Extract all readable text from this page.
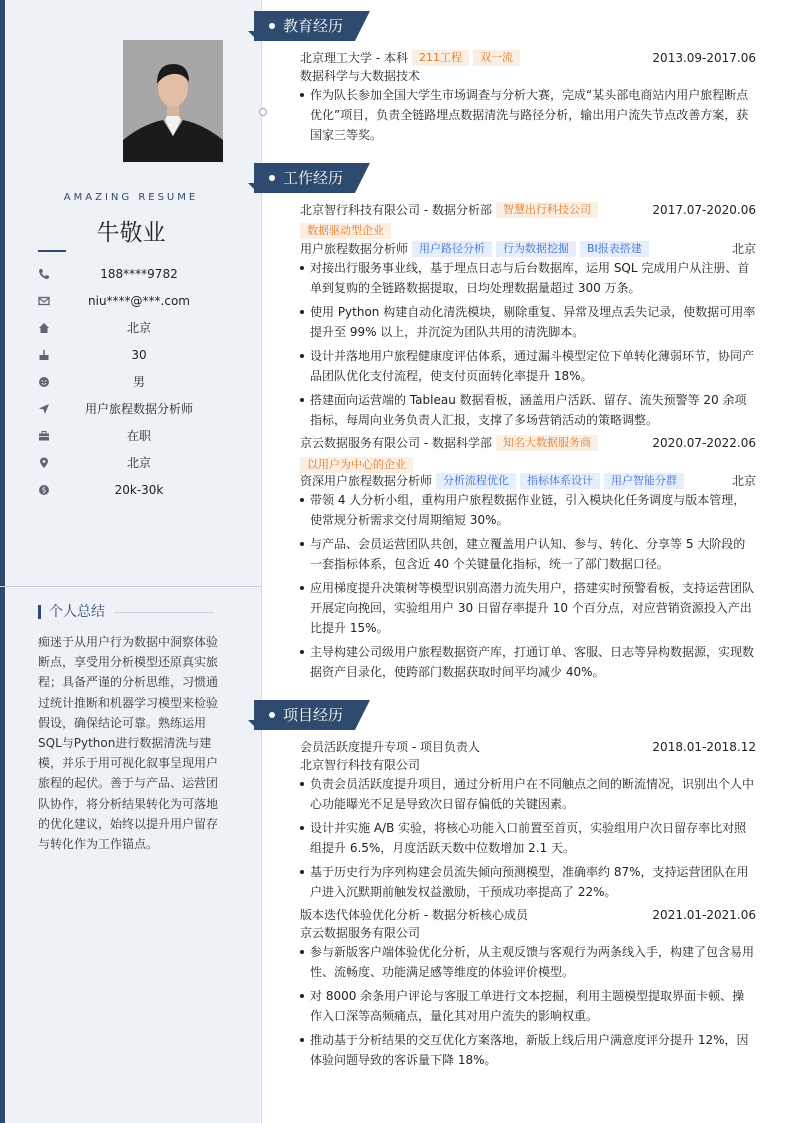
AMAZING RESUME
牛敬业
188****9782
niu****@***.com
北京
30
男
用户旅程数据分析师
在职
北京
$	20k-30k
个人总结
痴迷于从用户行为数据中洞察体验断点，享受用分析模型还原真实旅程；具备严谨的分析思维，习惯通过统计推断和机器学习模型来检验假设，确保结论可靠。熟练运用SQL与Python进行数据清洗与建模，并乐于用可视化叙事呈现用户旅程的起伏。善于与产品、运营团队协作，将分析结果转化为可落地的优化建议，始终以提升用户留存与转化作为工作锚点。
教育经历
北京理工大学 - 本科 211工程 双一流	2013.09-2017.06
数据科学与大数据技术
作为队长参加全国大学生市场调查与分析大赛，完成“某头部电商站内用户旅程断点优化”项目，负责全链路埋点数据清洗与路径分析，输出用户流失节点改善方案，获国家三等奖。
工作经历
北京智行科技有限公司 - 数据分析部 智慧出行科技公司	2017.07-2020.06
数据驱动型企业
用户旅程数据分析师 用户路径分析 行为数据挖掘 BI报表搭建	北京
对接出行服务事业线，基于埋点日志与后台数据库，运用 SQL 完成用户从注册、首单到复购的全链路数据提取，日均处理数据量超过 300 万条。
使用 Python 构建自动化清洗模块，剔除重复、异常及埋点丢失记录，使数据可用率提升至 99% 以上，并沉淀为团队共用的清洗脚本。
设计并落地用户旅程健康度评估体系，通过漏斗模型定位下单转化薄弱环节，协同产品团队优化支付流程，使支付页面转化率提升 18%。
搭建面向运营端的 Tableau 数据看板，涵盖用户活跃、留存、流失预警等 20 余项指标，每周向业务负责人汇报，支撑了多场营销活动的策略调整。
京云数据服务有限公司 - 数据科学部 知名大数据服务商	2020.07-2022.06
以用户为中心的企业
资深用户旅程数据分析师 分析流程优化 指标体系设计 用户智能分群	北京
带领 4 人分析小组，重构用户旅程数据作业链，引入模块化任务调度与版本管理，使常规分析需求交付周期缩短 30%。
与产品、会员运营团队共创，建立覆盖用户认知、参与、转化、分享等 5 大阶段的一套指标体系，包含近 40 个关键量化指标，统一了部门数据口径。
应用梯度提升决策树等模型识别高潜力流失用户，搭建实时预警看板，支持运营团队开展定向挽回，实验组用户 30 日留存率提升 10 个百分点，对应营销资源投入产出比提升 15%。
主导构建公司级用户旅程数据资产库，打通订单、客服、日志等异构数据源，实现数据资产目录化，使跨部门数据获取时间平均减少 40%。
项目经历
会员活跃度提升专项 - 项目负责人	2018.01-2018.12
北京智行科技有限公司
负责会员活跃度提升项目，通过分析用户在不同触点之间的断流情况，识别出个人中心功能曝光不足是导致次日留存偏低的关键因素。
设计并实施 A/B 实验，将核心功能入口前置至首页，实验组用户次日留存率比对照组提升 6.5%，月度活跃天数中位数增加 2.1 天。
基于历史行为序列构建会员流失倾向预测模型，准确率约 87%，支持运营团队在用户进入沉默期前触发权益激励，干预成功率提高了 22%。
版本迭代体验优化分析 - 数据分析核心成员	2021.01-2021.06
京云数据服务有限公司
参与新版客户端体验优化分析，从主观反馈与客观行为两条线入手，构建了包含易用性、流畅度、功能满足感等维度的体验评价模型。
对 8000 余条用户评论与客服工单进行文本挖掘，利用主题模型提取界面卡顿、操作入口深等高频痛点，量化其对用户流失的影响权重。
推动基于分析结果的交互优化方案落地，新版上线后用户满意度评分提升 12%，因体验问题导致的客诉量下降 18%。
